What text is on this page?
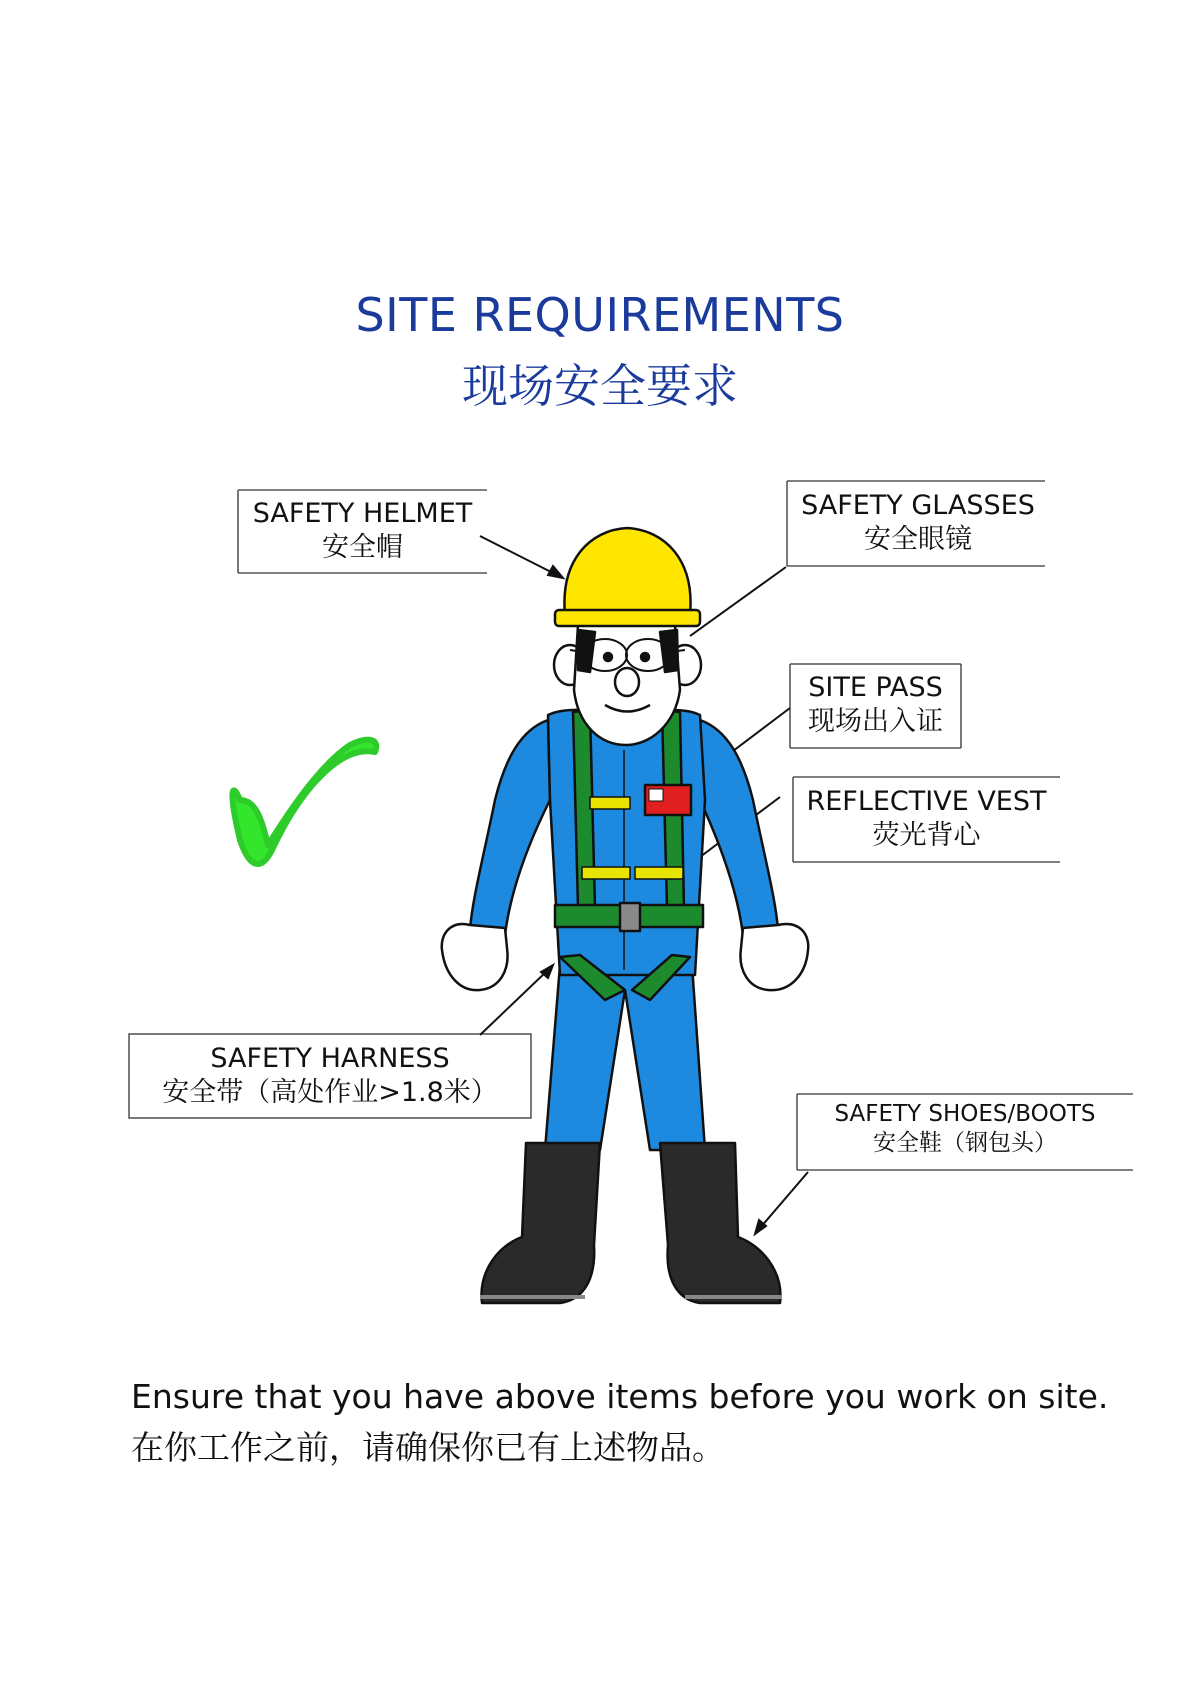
SITE REQUIREMENTS
现场安全要求
SAFETY HELMET
安全帽
SAFETY GLASSES
安全眼镜
SITE PASS
现场出入证
REFLECTIVE VEST
荧光背心
SAFETY HARNESS
安全带（高处作业>1.8米）
SAFETY SHOES/BOOTS
安全鞋（钢包头）
Ensure that you have above items before you work on site.
在你工作之前，请确保你已有上述物品。
